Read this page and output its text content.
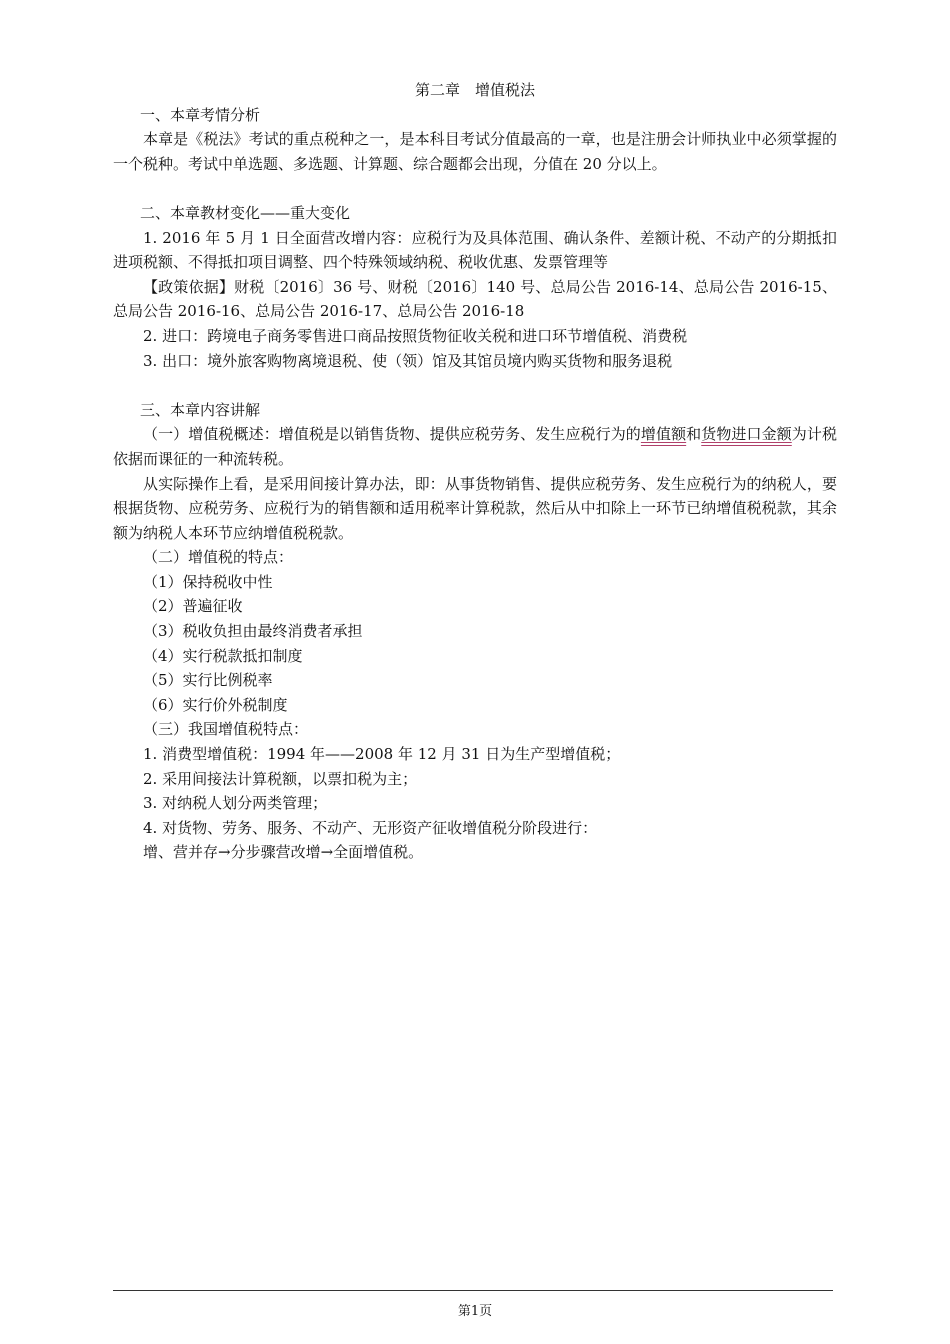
第二章　增值税法

一、本章考情分析

本章是《税法》考试的重点税种之一，是本科目考试分值最高的一章，也是注册会计师执业中必须掌握的一个税种。考试中单选题、多选题、计算题、综合题都会出现，分值在 20 分以上。

二、本章教材变化——重大变化

1. 2016 年 5 月 1 日全面营改增内容：应税行为及具体范围、确认条件、差额计税、不动产的分期抵扣进项税额、不得抵扣项目调整、四个特殊领域纳税、税收优惠、发票管理等

【政策依据】财税〔2016〕36 号、财税〔2016〕140 号、总局公告 2016-14、总局公告 2016-15、总局公告 2016-16、总局公告 2016-17、总局公告 2016-18

2. 进口：跨境电子商务零售进口商品按照货物征收关税和进口环节增值税、消费税

3. 出口：境外旅客购物离境退税、使（领）馆及其馆员境内购买货物和服务退税

三、本章内容讲解

（一）增值税概述：增值税是以销售货物、提供应税劳务、发生应税行为的增值额和货物进口金额为计税依据而课征的一种流转税。

从实际操作上看，是采用间接计算办法，即：从事货物销售、提供应税劳务、发生应税行为的纳税人，要根据货物、应税劳务、应税行为的销售额和适用税率计算税款，然后从中扣除上一环节已纳增值税税款，其余额为纳税人本环节应纳增值税税款。

（二）增值税的特点：

（1）保持税收中性

（2）普遍征收

（3）税收负担由最终消费者承担

（4）实行税款抵扣制度

（5）实行比例税率

（6）实行价外税制度

（三）我国增值税特点：

1. 消费型增值税：1994 年——2008 年 12 月 31 日为生产型增值税；

2. 采用间接法计算税额，以票扣税为主；

3. 对纳税人划分两类管理；

4. 对货物、劳务、服务、不动产、无形资产征收增值税分阶段进行：

增、营并存→分步骤营改增→全面增值税。

第1页
